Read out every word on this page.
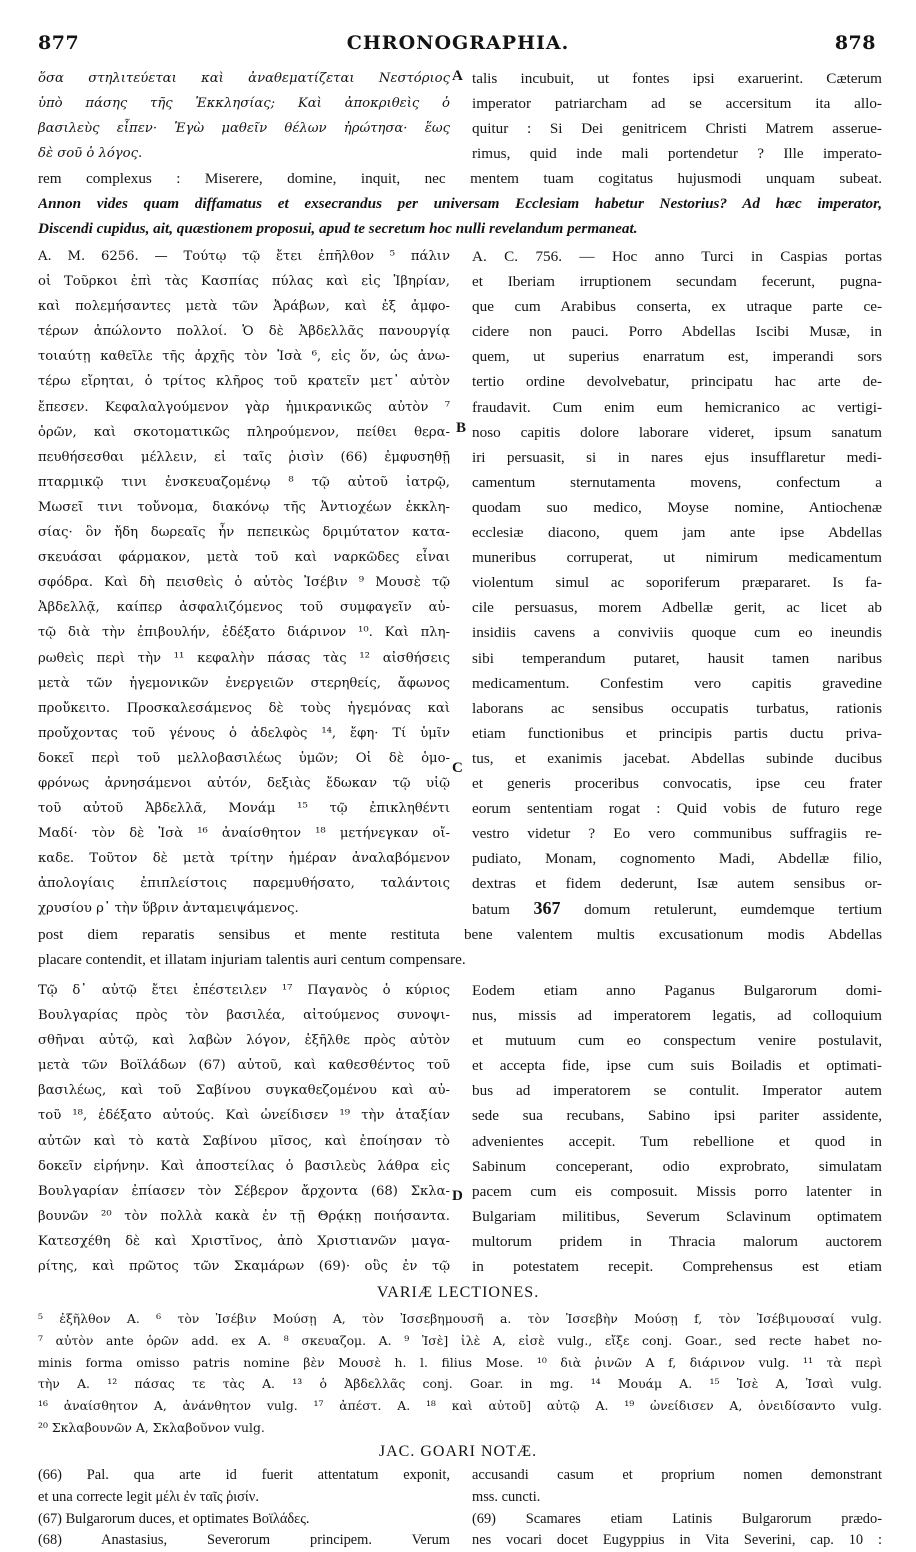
877	CHRONOGRAPHIA.	878
ὅσα στηλιτεύεται καὶ ἀναθεματίζεται Νεστόριος
ὑπὸ πάσης τῆς Ἐκκλησίας; Καὶ ἀποκριθεὶς ὁ
βασιλεὺς εἶπεν· Ἐγὼ μαθεῖν θέλων ἠρώτησα· ἕως
δὲ σοῦ ὁ λόγος.
talis incubuit, ut fontes ipsi exaruerint. Cæterum
imperator patriarcham ad se accersitum ita allo-
quitur : Si Dei genitricem Christi Matrem asserue-
rimus, quid inde mali portendetur ? Ille imperato-
A
rem complexus : Miserere, domine, inquit, nec mentem tuam cogitatus hujusmodi unquam subeat.
Annon vides quam diffamatus et exsecrandus per universam Ecclesiam habetur Nestorius? Ad hæc imperator,
Discendi cupidus, ait, quæstionem proposui, apud te secretum hoc nulli revelandum permaneat.
A. M. 6256. — Τούτῳ τῷ ἔτει ἐπῆλθον ⁵ πάλιν
οἱ Τοῦρκοι ἐπὶ τὰς Κασπίας πύλας καὶ εἰς Ἰβηρίαν,
καὶ πολεμήσαντες μετὰ τῶν Ἀράβων, καὶ ἐξ ἀμφο-
τέρων ἀπώλοντο πολλοί. Ὁ δὲ Ἀβδελλᾶς πανουργίᾳ
τοιαύτῃ καθεῖλε τῆς ἀρχῆς τὸν Ἰσὰ ⁶, εἰς ὅν, ὡς ἀνω-
τέρω εἴρηται, ὁ τρίτος κλῆρος τοῦ κρατεῖν μετ᾽ αὐτὸν
ἔπεσεν. Κεφαλαλγούμενον γὰρ ἡμικρανικῶς αὐτὸν ⁷
ὁρῶν, καὶ σκοτοματικῶς πληρούμενον, πείθει θερα-
πευθήσεσθαι μέλλειν, εἰ ταῖς ῥισὶν (66) ἐμφυσηθῇ
πταρμικῷ τινι ἐνσκευαζομένῳ ⁸ τῷ αὐτοῦ ἰατρῷ,
Μωσεῖ τινι τοὔνομα, διακόνῳ τῆς Ἀντιοχέων ἐκκλη-
σίας· ὃν ἤδη δωρεαῖς ἦν πεπεικὼς δριμύτατον κατα-
σκευάσαι φάρμακον, μετὰ τοῦ καὶ ναρκῶδες εἶναι
σφόδρα. Καὶ δὴ πεισθεὶς ὁ αὐτὸς Ἰσέβιν ⁹ Μουσὲ τῷ
Ἀβδελλᾷ, καίπερ ἀσφαλιζόμενος τοῦ συμφαγεῖν αὐ-
τῷ διὰ τὴν ἐπιβουλήν, ἐδέξατο διάρινον ¹⁰. Καὶ πλη-
ρωθεὶς περὶ τὴν ¹¹ κεφαλὴν πάσας τὰς ¹² αἰσθήσεις
μετὰ τῶν ἡγεμονικῶν ἐνεργειῶν στερηθείς, ἄφωνος
προὔκειτο. Προσκαλεσάμενος δὲ τοὺς ἡγεμόνας καὶ
προὔχοντας τοῦ γένους ὁ ἀδελφὸς ¹⁴, ἔφη· Τί ὑμῖν
δοκεῖ περὶ τοῦ μελλοβασιλέως ὑμῶν; Οἱ δὲ ὁμο-
φρόνως ἀρνησάμενοι αὐτόν, δεξιὰς ἔδωκαν τῷ υἱῷ
τοῦ αὐτοῦ Ἀβδελλᾶ, Μονάμ ¹⁵ τῷ ἐπικληθέντι
Μαδί· τὸν δὲ Ἰσὰ ¹⁶ ἀναίσθητον ¹⁸ μετήνεγκαν οἴ-
καδε. Τοῦτον δὲ μετὰ τρίτην ἡμέραν ἀναλαβόμενον
ἀπολογίαις ἐπιπλείστοις παρεμυθήσατο, ταλάντοις
χρυσίου ρ᾽ τὴν ὕβριν ἀνταμειψάμενος.
A. C. 756. — Hoc anno Turci in Caspias portas
et Iberiam irruptionem secundam fecerunt, pugna-
que cum Arabibus conserta, ex utraque parte ce-
cidere non pauci. Porro Abdellas Iscibi Musæ, in
quem, ut superius enarratum est, imperandi sors
tertio ordine devolvebatur, principatu hac arte de-
fraudavit. Cum enim eum hemicranico ac vertigi-
noso capitis dolore laborare videret, ipsum sanatum
iri persuasit, si in nares ejus insufflaretur medi-
camentum sternutamenta movens, confectum a
quodam suo medico, Moyse nomine, Antiochenæ
ecclesiæ diacono, quem jam ante ipse Abdellas
muneribus corruperat, ut nimirum medicamentum
violentum simul ac soporiferum præpararet. Is fa-
cile persuasus, morem Adbellæ gerit, ac licet ab
insidiis cavens a conviviis quoque cum eo ineundis
sibi temperandum putaret, hausit tamen naribus
medicamentum. Confestim vero capitis gravedine
laborans ac sensibus occupatis turbatus, rationis
etiam functionibus et principis partis ductu priva-
tus, et exanimis jacebat. Abdellas subinde ducibus
et generis proceribus convocatis, ipse ceu frater
eorum sententiam rogat : Quid vobis de futuro rege
vestro videtur ? Eo vero communibus suffragiis re-
pudiato, Monam, cognomento Madi, Abdellæ filio,
dextras et fidem dederunt, Isæ autem sensibus or-
batum 367 domum retulerunt, eumdemque tertium
B
C
post diem reparatis sensibus et mente restituta bene valentem multis excusationum modis Abdellas
placare contendit, et illatam injuriam talentis auri centum compensare.
Τῷ δ᾽ αὐτῷ ἔτει ἐπέστειλεν ¹⁷ Παγανὸς ὁ κύριος
Βουλγαρίας πρὸς τὸν βασιλέα, αἰτούμενος συνοψι-
σθῆναι αὐτῷ, καὶ λαβὼν λόγον, ἐξῆλθε πρὸς αὐτὸν
μετὰ τῶν Βοϊλάδων (67) αὐτοῦ, καὶ καθεσθέντος τοῦ
βασιλέως, καὶ τοῦ Σαβίνου συγκαθεζομένου καὶ αὐ-
τοῦ ¹⁸, ἐδέξατο αὐτούς. Καὶ ὠνείδισεν ¹⁹ τὴν ἀταξίαν
αὐτῶν καὶ τὸ κατὰ Σαβίνου μῖσος, καὶ ἐποίησαν τὸ
δοκεῖν εἰρήνην. Καὶ ἀποστείλας ὁ βασιλεὺς λάθρα εἰς
Βουλγαρίαν ἐπίασεν τὸν Σέβερον ἄρχοντα (68) Σκλα-
βουνῶν ²⁰ τὸν πολλὰ κακὰ ἐν τῇ Θρᾴκῃ ποιήσαντα.
Κατεσχέθη δὲ καὶ Χριστῖνος, ἀπὸ Χριστιανῶν μαγα-
ρίτης, καὶ πρῶτος τῶν Σκαμάρων (69)· οὓς ἐν τῷ
Eodem etiam anno Paganus Bulgarorum domi-
nus, missis ad imperatorem legatis, ad colloquium
et mutuum cum eo conspectum venire postulavit,
et accepta fide, ipse cum suis Boiladis et optimati-
bus ad imperatorem se contulit. Imperator autem
sede sua recubans, Sabino ipsi pariter assidente,
advenientes accepit. Tum rebellione et quod in
Sabinum conceperant, odio exprobrato, simulatam
pacem cum eis composuit. Missis porro latenter in
Bulgariam militibus, Severum Sclavinum optimatem
multorum pridem in Thracia malorum auctorem
in potestatem recepit. Comprehensus est etiam
D
VARIÆ LECTIONES.
⁵ ἐξῆλθον A. ⁶ τὸν Ἰσέβιν Μούσῃ A, τὸν Ἰσσεβημουσῆ a. τὸν Ἰσσεβὴν Μούσῃ f, τὸν Ἰσέβιμουσαί vulg.
⁷ αὐτὸν ante ὁρῶν add. ex A. ⁸ σκευαζομ. A. ⁹ Ἰσὲ] ἰλὲ A, εἰσὲ vulg., εἴξε conj. Goar., sed recte habet no-
minis forma omisso patris nomine βὲν Μουσὲ h. l. filius Mose. ¹⁰ διὰ ῥινῶν A f, διάρινον vulg. ¹¹ τὰ περὶ
τὴν A. ¹² πάσας τε τὰς A. ¹³ ὁ Ἀβδελλᾶς conj. Goar. in mg. ¹⁴ Μουάμ A. ¹⁵ Ἰσὲ A, Ἰσαὶ vulg.
¹⁶ ἀναίσθητον A, ἀνάνθητον vulg. ¹⁷ ἀπέστ. A. ¹⁸ καὶ αὐτοῦ] αὐτῷ A. ¹⁹ ὠνείδισεν A, ὀνειδίσαντο vulg.
²⁰ Σκλαβουνῶν A, Σκλαβοῦνον vulg.
JAC. GOARI NOTÆ.
(66) Pal. qua arte id fuerit attentatum exponit,
et una correcte legit μέλι ἐν ταῖς ῥισίν.
(67) Bulgarorum duces, et optimates Βοϊλάδες.
(68) Anastasius, Severorum principem. Verum
accusandi casum et proprium nomen demonstrant
mss. cuncti.
(69) Scamares etiam Latinis Bulgarorum prædo-
nes vocari docet Eugyppius in Vita Severini, cap. 10 :
